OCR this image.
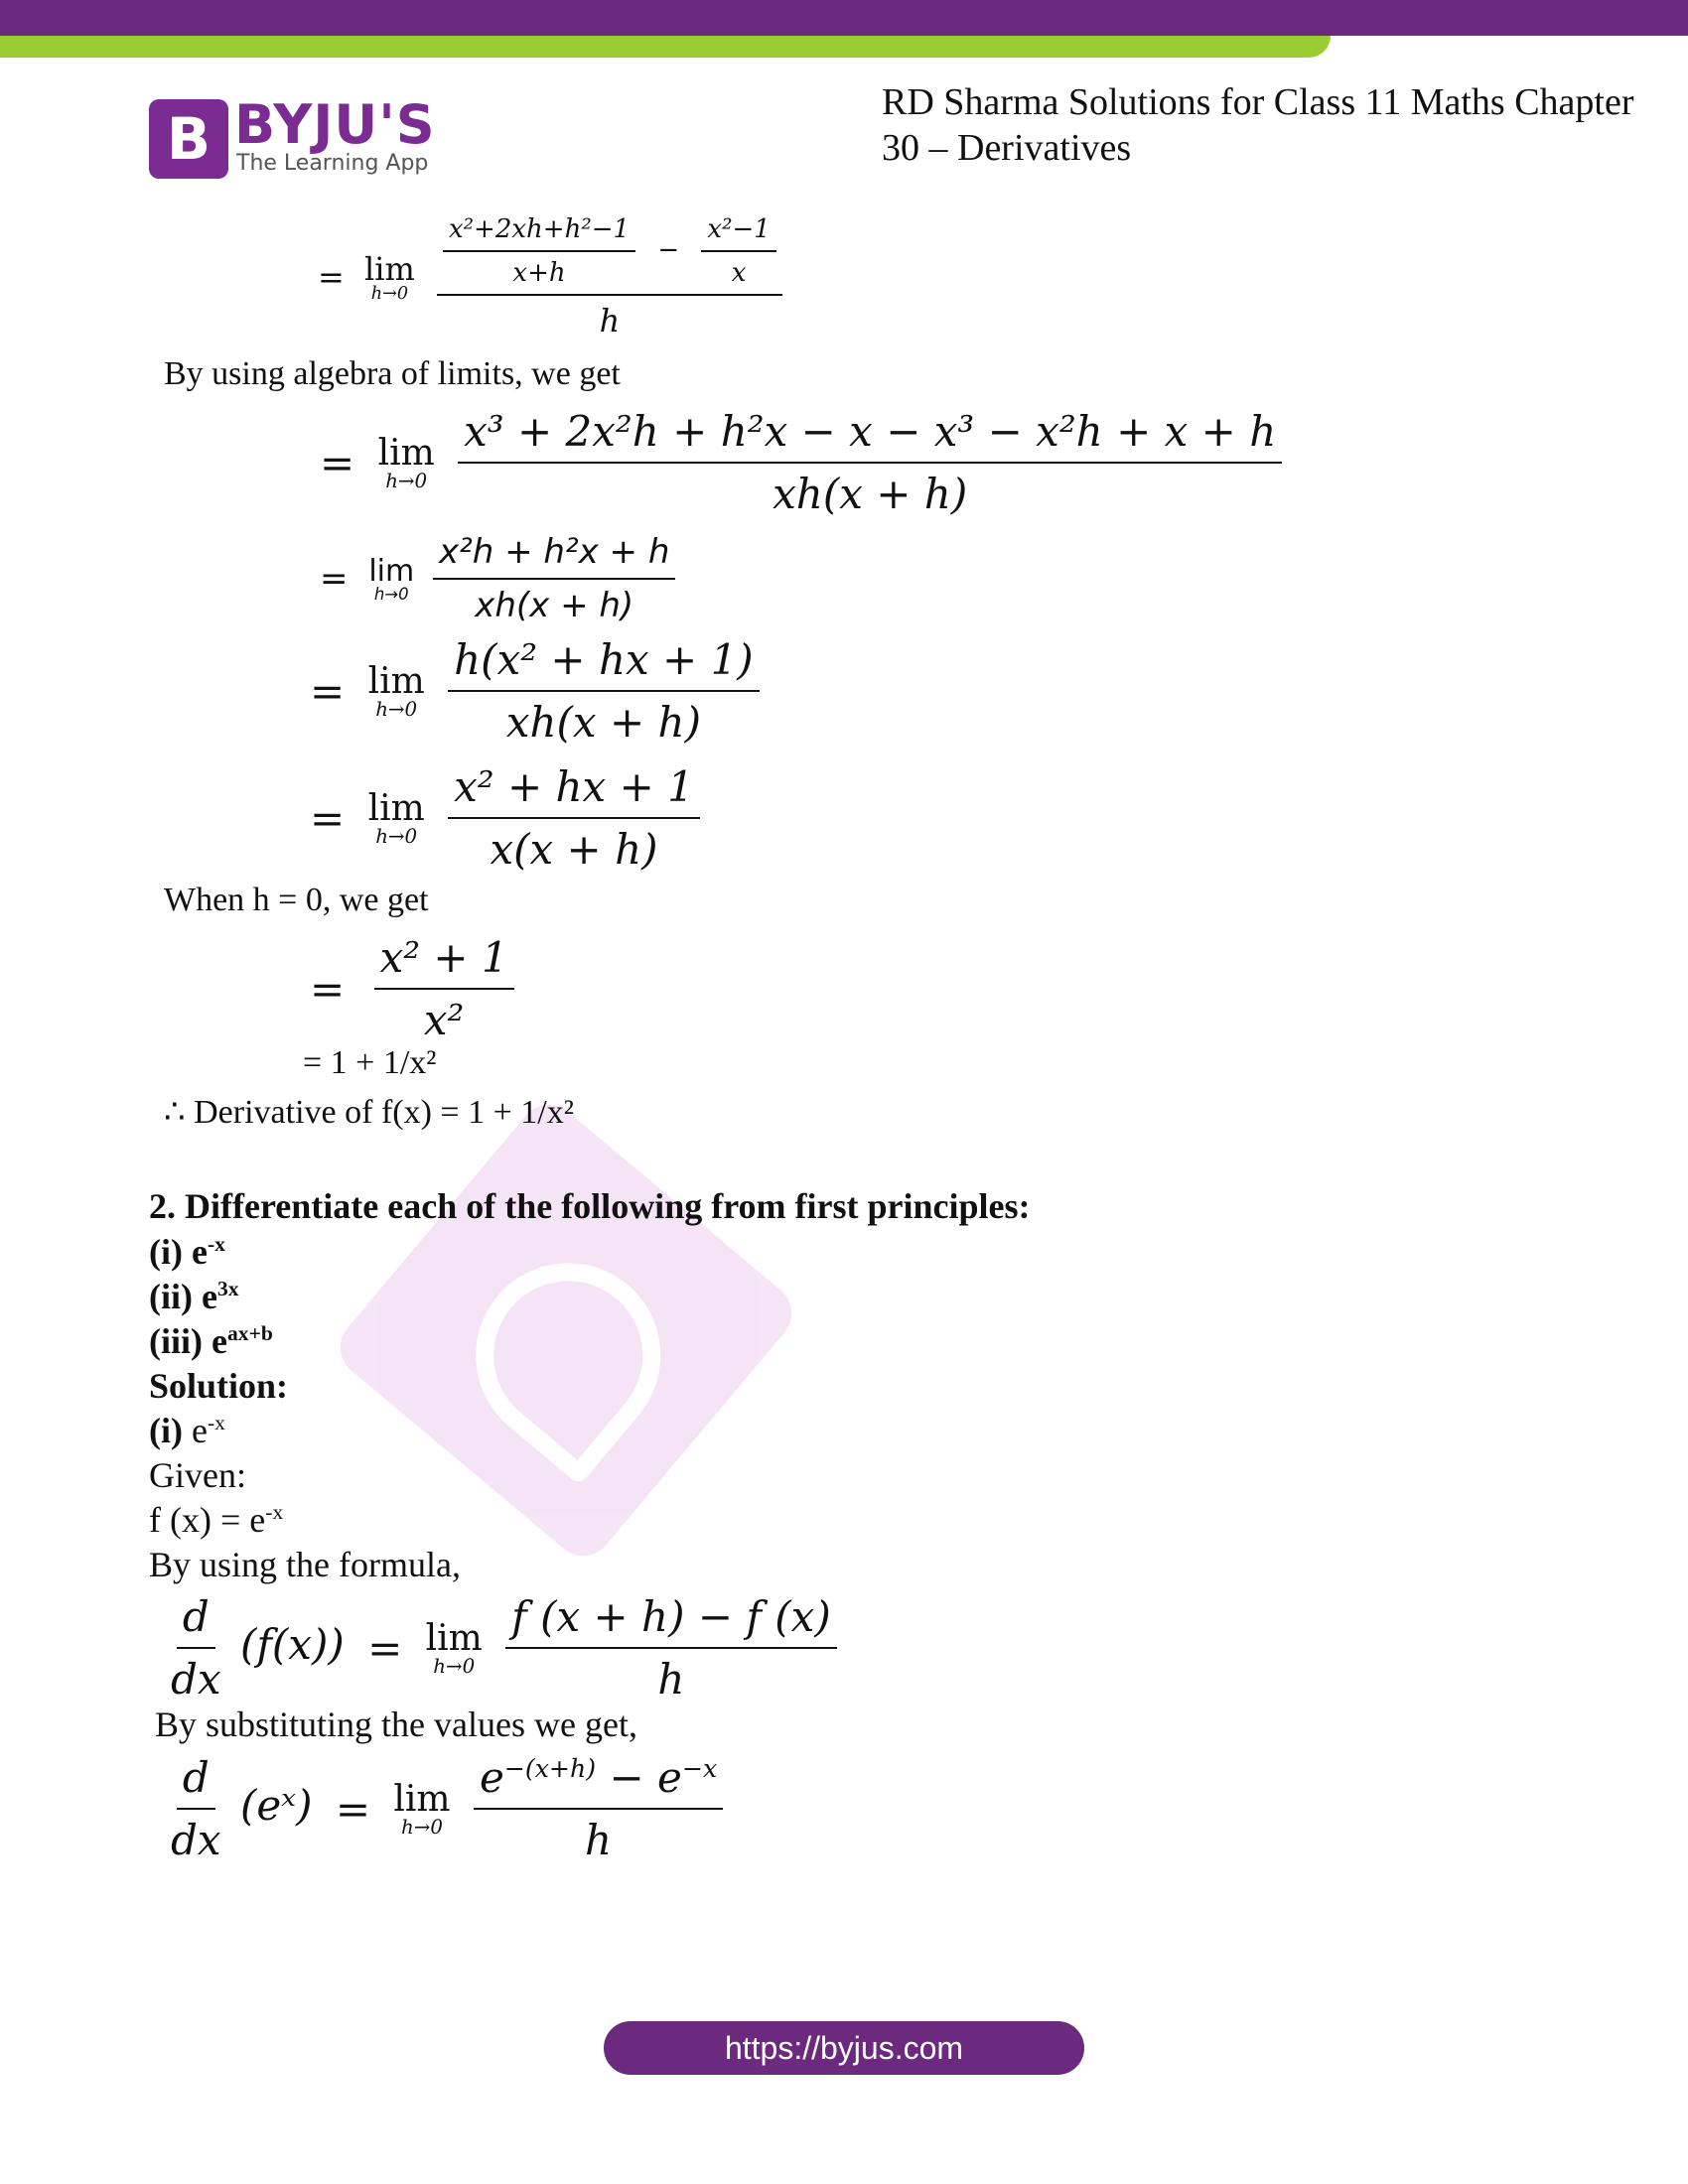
B BYJU'S
The Learning App
RD Sharma Solutions for Class 11 Maths Chapter 30 – Derivatives
= lim
h→0

$\frac{\text{x²+2xh+h²−1}}{x+h} - \frac{\text{x²−1}}{x}$
h
By using algebra of limits, we get
= lim
h→0
$\frac{\text{x³ + 2x²h + h²x − x − x³ − x²h + x + h}}{xh(x + h)}$
= lim
h→0
$\frac{\text{x²h + h²x + h}}{xh(x + h)}$
= lim
h→0
$\frac{\text{h(x² + hx + 1)}}{xh(x + h)}$
= lim
h→0
$\frac{\text{x² + hx + 1}}{x(x + h)}$
When h = 0, we get
= $\frac{\text{x² + 1}}{\text{x²}}$
= 1 + 1/x²
∴ Derivative of f(x) = 1 + 1/x²
2. Differentiate each of the following from first principles:
(i) $e^{-x}$
(ii) $e^{3x}$
(iii) $e^{ax+b}$
Solution:
(i) $e^{-x}$
Given:
f $(x) = e^{-x}$
By using the formula,
$\frac{d}{dx} (f(x)) = \lim$
h→0
$\frac{f (x + h) - f (x)}{h}$
By substituting the values we get,
$\frac{d}{dx}$ (eˣ) = lim
h→0
$\frac{e^{-(x+h)} - e^{-x}}{h}$
https://byjus.com
